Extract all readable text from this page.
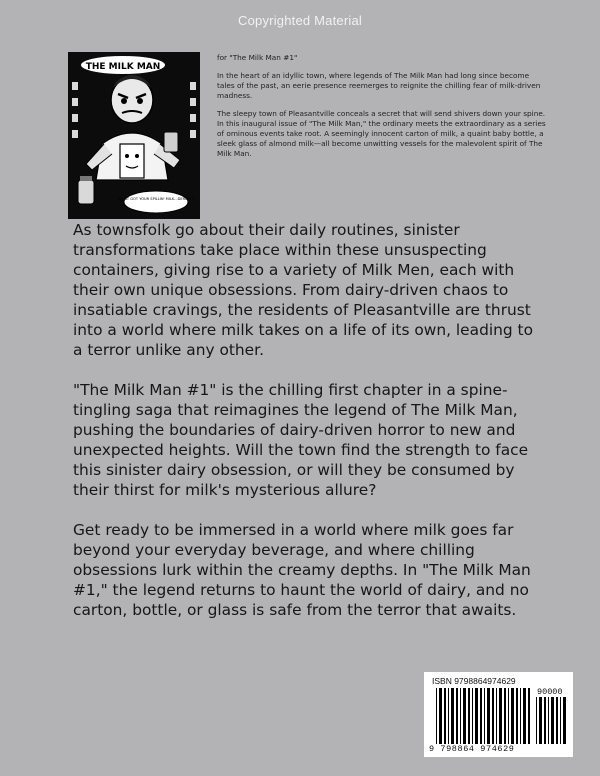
Copyrighted Material
THE MILK MAN
WHAT GOT YOUR SPILLIN' MILK...DERES??

for "The Milk Man #1"

In the heart of an idyllic town, where legends of The Milk Man had long since become tales of the past, an eerie presence reemerges to reignite the chilling fear of milk-driven madness.

The sleepy town of Pleasantville conceals a secret that will send shivers down your spine. In this inaugural issue of "The Milk Man," the ordinary meets the extraordinary as a series of ominous events take root. A seemingly innocent carton of milk, a quaint baby bottle, a sleek glass of almond milk—all become unwitting vessels for the malevolent spirit of The Milk Man.

As townsfolk go about their daily routines, sinister transformations take place within these unsuspecting containers, giving rise to a variety of Milk Men, each with their own unique obsessions. From dairy-driven chaos to insatiable cravings, the residents of Pleasantville are thrust into a world where milk takes on a life of its own, leading to a terror unlike any other.

"The Milk Man #1" is the chilling first chapter in a spine-tingling saga that reimagines the legend of The Milk Man, pushing the boundaries of dairy-driven horror to new and unexpected heights. Will the town find the strength to face this sinister dairy obsession, or will they be consumed by their thirst for milk's mysterious allure?

Get ready to be immersed in a world where milk goes far beyond your everyday beverage, and where chilling obsessions lurk within the creamy depths. In "The Milk Man #1," the legend returns to haunt the world of dairy, and no carton, bottle, or glass is safe from the terror that awaits.

ISBN 9798864974629
90000
9 798864 974629
